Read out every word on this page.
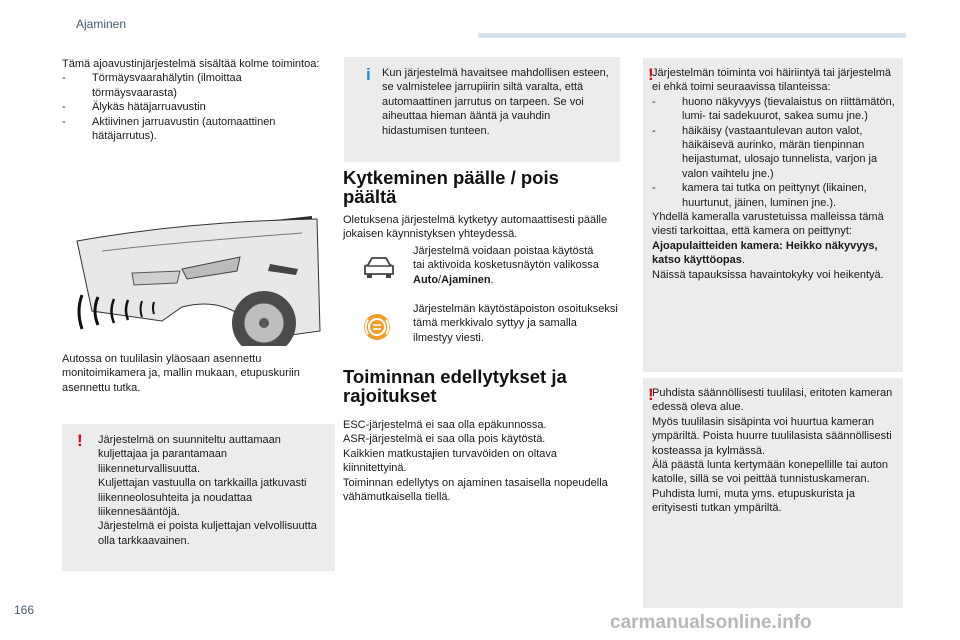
Ajaminen
Tämä ajoavustinjärjestelmä sisältää kolme toimintoa:
- Törmäysvaarahälytin (ilmoittaa törmäysvaarasta)
- Älykäs hätäjarruavustin
- Aktiivinen jarruavustin (automaattinen hätäjarrutus).
Autossa on tuulilasin yläosaan asennettu monitoimikamera ja, mallin mukaan, etupuskuriin asennettu tutka.
! Järjestelmä on suunniteltu auttamaan kuljettajaa ja parantamaan liikenneturvallisuutta.
Kuljettajan vastuulla on tarkkailla jatkuvasti liikenneolosuhteita ja noudattaa liikennesääntöjä.
Järjestelmä ei poista kuljettajan velvollisuutta olla tarkkaavainen.
i Kun järjestelmä havaitsee mahdollisen esteen, se valmistelee jarrupiirin siltä varalta, että automaattinen jarrutus on tarpeen. Se voi aiheuttaa hieman ääntä ja vauhdin hidastumisen tunteen.
Kytkeminen päälle / pois päältä
Oletuksena järjestelmä kytketyy automaattisesti päälle jokaisen käynnistyksen yhteydessä.
Järjestelmä voidaan poistaa käytöstä tai aktivoida kosketusnäytön valikossa Auto/Ajaminen.
Järjestelmän käytöstäpoiston osoitukseksi tämä merkkivalo syttyy ja samalla ilmestyy viesti.
Toiminnan edellytykset ja rajoitukset
ESC-järjestelmä ei saa olla epäkunnossa.
ASR-järjestelmä ei saa olla pois käytöstä.
Kaikkien matkustajien turvavöiden on oltava kiinnitettyinä.
Toiminnan edellytys on ajaminen tasaisella nopeudella vähämutkaisella tiellä.
!
Järjestelmän toiminta voi häiriintyä tai järjestelmä ei ehkä toimi seuraavissa tilanteissa:
- huono näkyvyys (tievalaistus on riittämätön, lumi- tai sadekuurot, sakea sumu jne.)
- häikäisy (vastaantulevan auton valot, häikäisevä aurinko, märän tienpinnan heijastumat, ulosajo tunnelista, varjon ja valon vaihtelu jne.)
- kamera tai tutka on peittynyt (likainen, huurtunut, jäinen, luminen jne.).
Yhdellä kameralla varustetuissa malleissa tämä viesti tarkoittaa, että kamera on peittynyt: Ajoapulaitteiden kamera: Heikko näkyvyys, katso käyttöopas.
Näissä tapauksissa havaintokyky voi heikentyä.
!
Puhdista säännöllisesti tuulilasi, eritoten kameran edessä oleva alue.
Myös tuulilasin sisäpinta voi huurtua kameran ympäriltä. Poista huurre tuulilasista säännöllisesti kosteassa ja kylmässä.
Älä päästä lunta kertymään konepellille tai auton katolle, sillä se voi peittää tunnistuskameran.
Puhdista lumi, muta yms. etupuskurista ja erityisesti tutkan ympäriltä.
166
carmanualsonline.info
